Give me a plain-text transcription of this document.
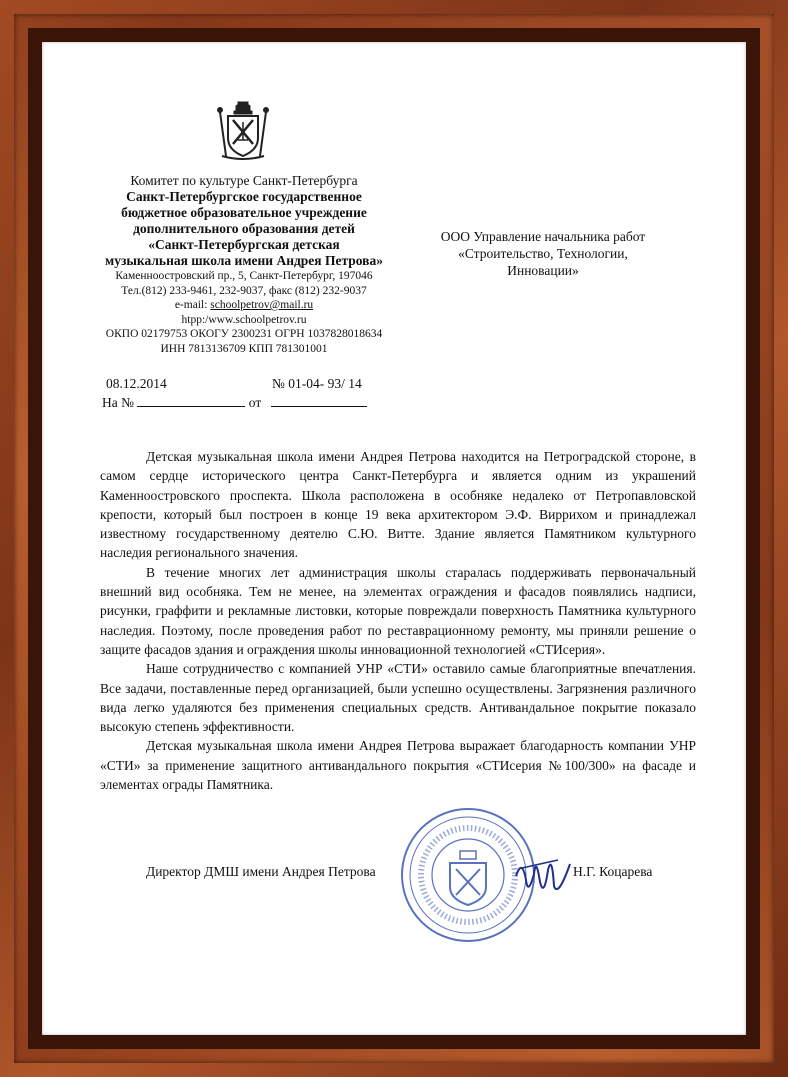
Комитет по культуре Санкт-Петербурга
Санкт-Петербургское государственное
бюджетное образовательное учреждение
дополнительного образования детей
«Санкт-Петербургская детская
музыкальная школа имени Андрея Петрова»
Каменноостровский пр., 5, Санкт-Петербург, 197046
Тел.(812) 233-9461, 232-9037, факс (812) 232-9037
e-mail: schoolpetrov@mail.ru
htpp:/www.schoolpetrov.ru
ОКПО 02179753 ОКОГУ 2300231 ОГРН 1037828018634
ИНН 7813136709 КПП 781301001
ООО Управление начальника работ
«Строительство, Технологии,
Инновации»
08.12.2014	№ 01-04- 93/ 14
На №	от

Детская музыкальная школа имени Андрея Петрова находится на Петроградской стороне, в самом сердце исторического центра Санкт-Петербурга и является одним из украшений Каменноостровского проспекта. Школа расположена в особняке недалеко от Петропавловской крепости, который был построен в конце 19 века архитектором Э.Ф. Виррихом и принадлежал известному государственному деятелю С.Ю. Витте. Здание является Памятником культурного наследия регионального значения.

В течение многих лет администрация школы старалась поддерживать первоначальный внешний вид особняка. Тем не менее, на элементах ограждения и фасадов появлялись надписи, рисунки, граффити и рекламные листовки, которые повреждали поверхность Памятника культурного наследия. Поэтому, после проведения работ по реставрационному ремонту, мы приняли решение о защите фасадов здания и ограждения школы инновационной технологией «СТИсерия».

Наше сотрудничество с компанией УНР «СТИ» оставило самые благоприятные впечатления. Все задачи, поставленные перед организацией, были успешно осуществлены. Загрязнения различного вида легко удаляются без применения специальных средств. Антивандальное покрытие показало высокую степень эффективности.

Детская музыкальная школа имени Андрея Петрова выражает благодарность компании УНР «СТИ» за применение защитного антивандального покрытия «СТИсерия №100/300» на фасаде и элементах ограды Памятника.

Директор ДМШ имени Андрея Петрова	Н.Г. Коцарева
